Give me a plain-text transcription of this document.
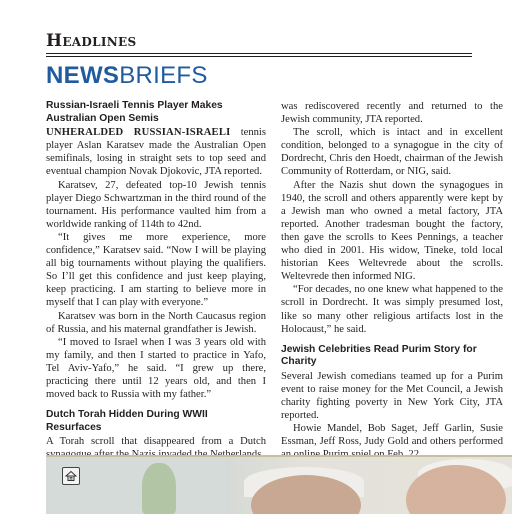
Headlines
NEWSBRIEFS
Russian-Israeli Tennis Player Makes Australian Open Semis

UNHERALDED RUSSIAN-ISRAELI tennis player Aslan Karatsev made the Australian Open semifinals, losing in straight sets to top seed and eventual champion Novak Djokovic, JTA reported.

Karatsev, 27, defeated top-10 Jewish tennis player Diego Schwartzman in the third round of the tournament. His performance vaulted him from a worldwide ranking of 114th to 42nd.

“It gives me more experience, more confidence,” Karatsev said. “Now I will be playing all big tournaments without playing the qualifiers. So I’ll get this confidence and just keep playing, keep practicing. I am starting to believe more in myself that I can play with everyone.”

Karatsev was born in the North Caucasus region of Russia, and his maternal grandfather is Jewish.

“I moved to Israel when I was 3 years old with my family, and then I started to practice in Yafo, Tel Aviv-Yafo,” he said. “I grew up there, practicing there until 12 years old, and then I moved back to Russia with my father.”

Dutch Torah Hidden During WWII Resurfaces

A Torah scroll that disappeared from a Dutch

was rediscovered recently and returned to the Jewish community, JTA reported.

The scroll, which is intact and in excellent condition, belonged to a synagogue in the city of Dordrecht, Chris den Hoedt, chairman of the Jewish Community of Rotterdam, or NIG, said.

After the Nazis shut down the synagogues in 1940, the scroll and others apparently were kept by a Jewish man who owned a metal factory, JTA reported. Another tradesman bought the factory, then gave the scrolls to Kees Pennings, a teacher who died in 2001. His widow, Tineke, told local historian Kees Weltevrede about the scrolls. Weltevrede then informed NIG.

“For decades, no one knew what happened to the scroll in Dordrecht. It was simply presumed lost, like so many other religious artifacts lost in the Holocaust,” he said.

Jewish Celebrities Read Purim Story for Charity

Several Jewish comedians teamed up for a Purim event to raise money for the Met Council, a Jewish charity fighting poverty in New York City, JTA reported.

Howie Mandel, Bob Saget, Jeff Garlin, Susie Essman, Jeff Ross, Judy Gold and others performed
